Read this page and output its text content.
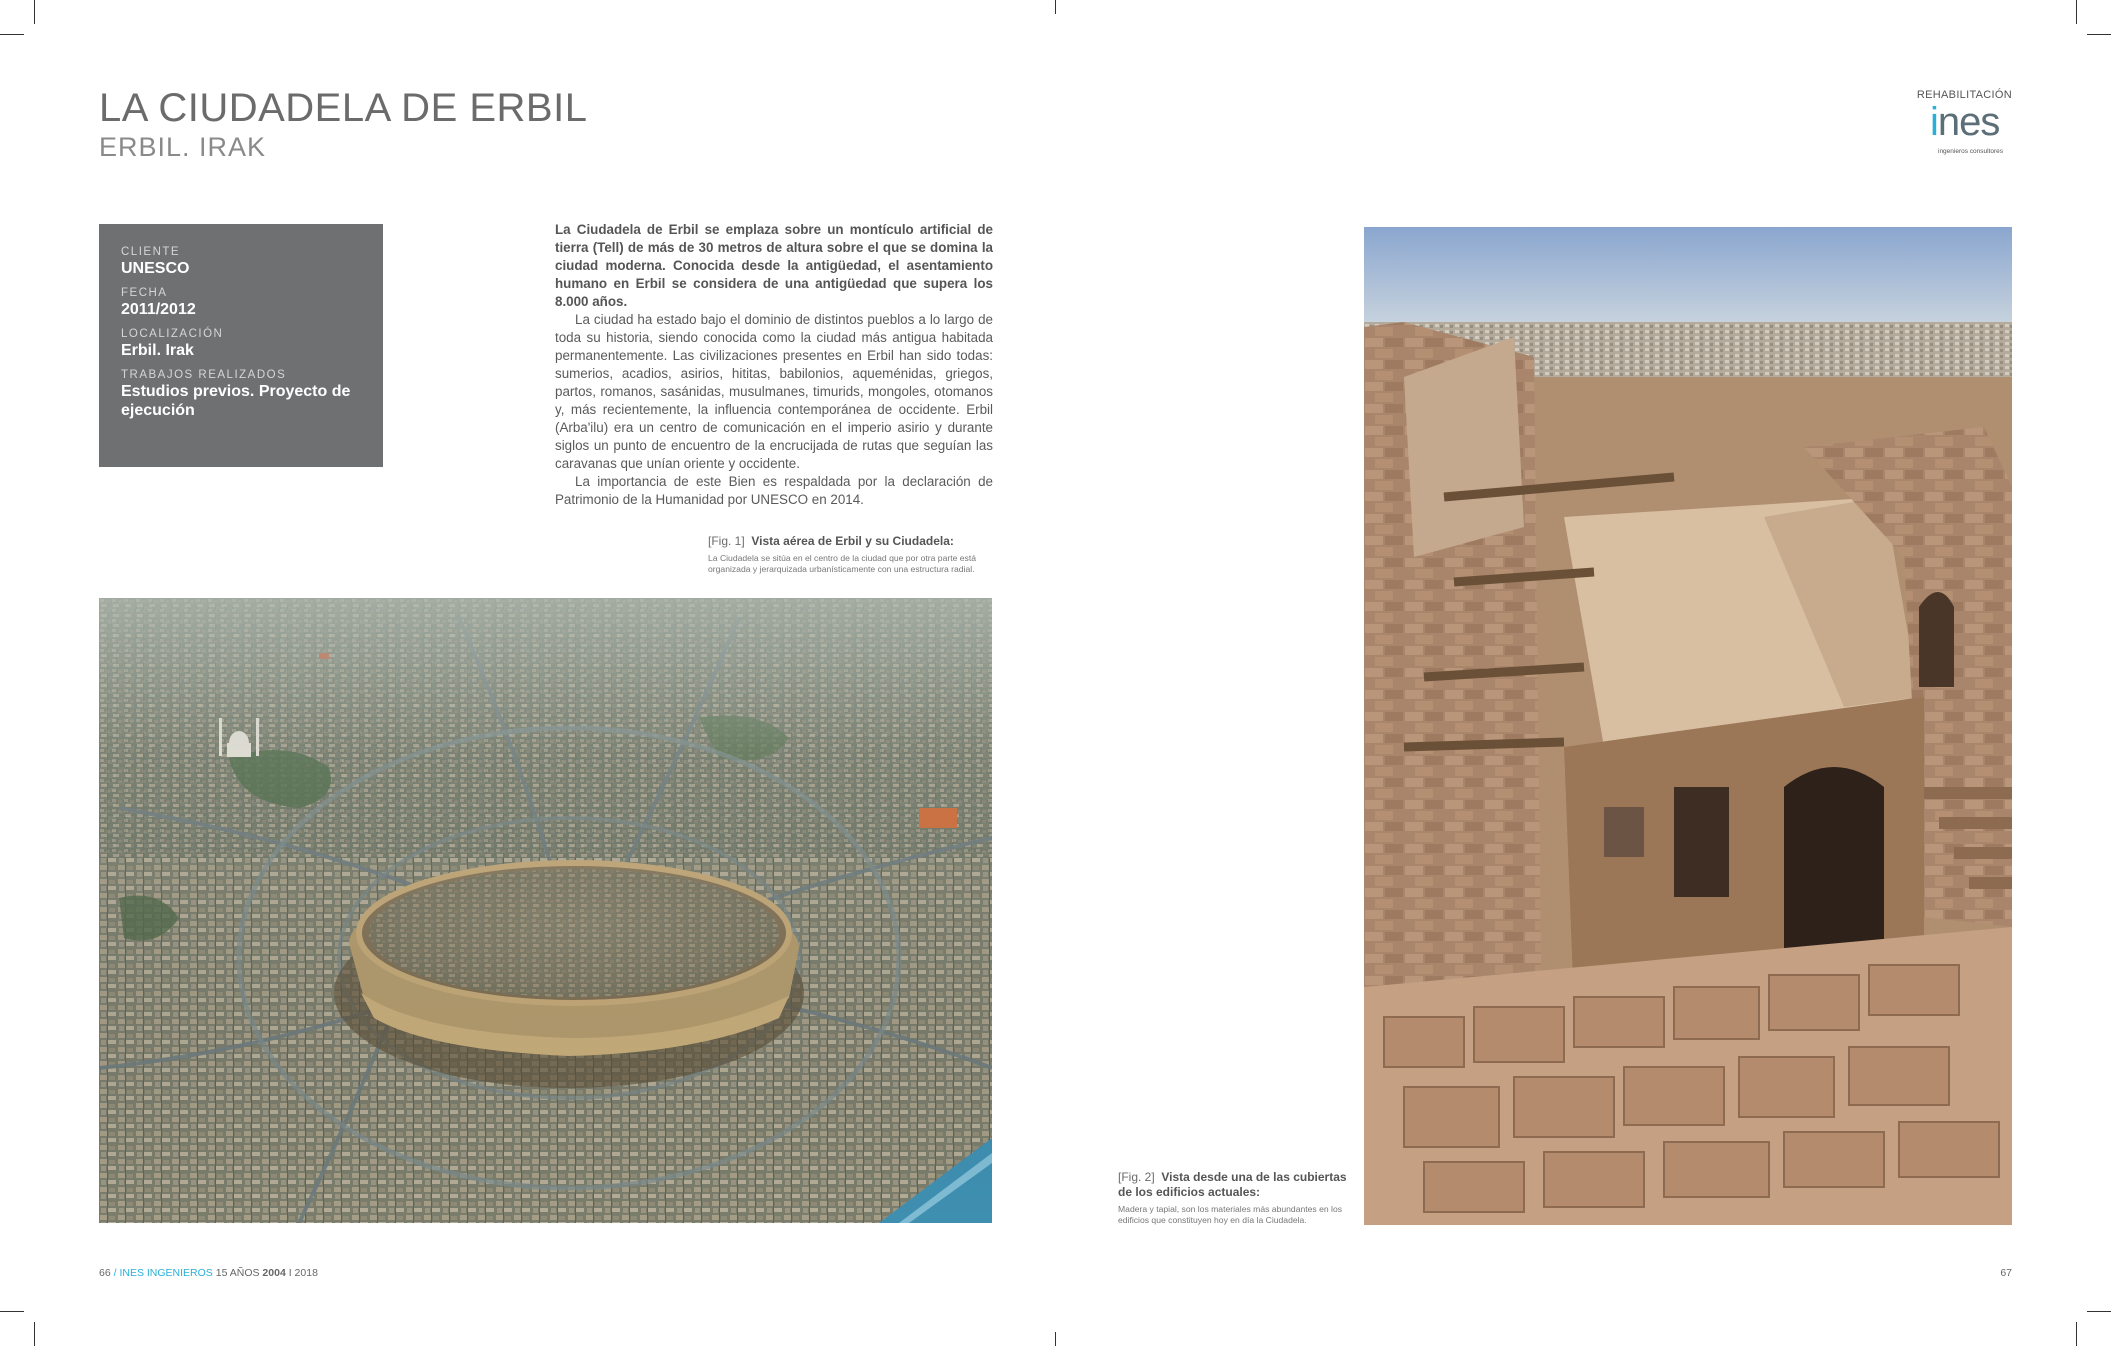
LA CIUDADELA DE ERBIL
ERBIL. IRAK
REHABILITACIÓN
ines
ingenieros consultores
CLIENTE
UNESCO
FECHA
2011/2012
LOCALIZACIÓN
Erbil. Irak
TRABAJOS REALIZADOS
Estudios previos. Proyecto de ejecución

La Ciudadela de Erbil se emplaza sobre un montículo artificial de tierra (Tell) de más de 30 metros de altura sobre el que se domina la ciudad moderna. Conocida desde la antigüedad, el asentamiento humano en Erbil se considera de una antigüedad que supera los 8.000 años.

La ciudad ha estado bajo el dominio de distintos pueblos a lo largo de toda su historia, siendo conocida como la ciudad más antigua habitada permanentemente. Las civilizaciones presentes en Erbil han sido todas: sumerios, acadios, asirios, hititas, babilonios, aqueménidas, griegos, partos, romanos, sasánidas, musulmanes, timurids, mongoles, otomanos y, más recientemente, la influencia contemporánea de occidente. Erbil (Arba'ilu) era un centro de comunicación en el imperio asirio y durante siglos un punto de encuentro de la encrucijada de rutas que seguían las caravanas que unían oriente y occidente.

La importancia de este Bien es respaldada por la declaración de Patrimonio de la Humanidad por UNESCO en 2014.

[Fig. 1] Vista aérea de Erbil y su Ciudadela:
La Ciudadela se sitúa en el centro de la ciudad que por otra parte está organizada y jerarquizada urbanísticamente con una estructura radial.
[Fig. 2] Vista desde una de las cubiertas de los edificios actuales:
Madera y tapial, son los materiales más abundantes en los edificios que constituyen hoy en día la Ciudadela.
66 / INES INGENIEROS 15 AÑOS 2004 I 2018	67
